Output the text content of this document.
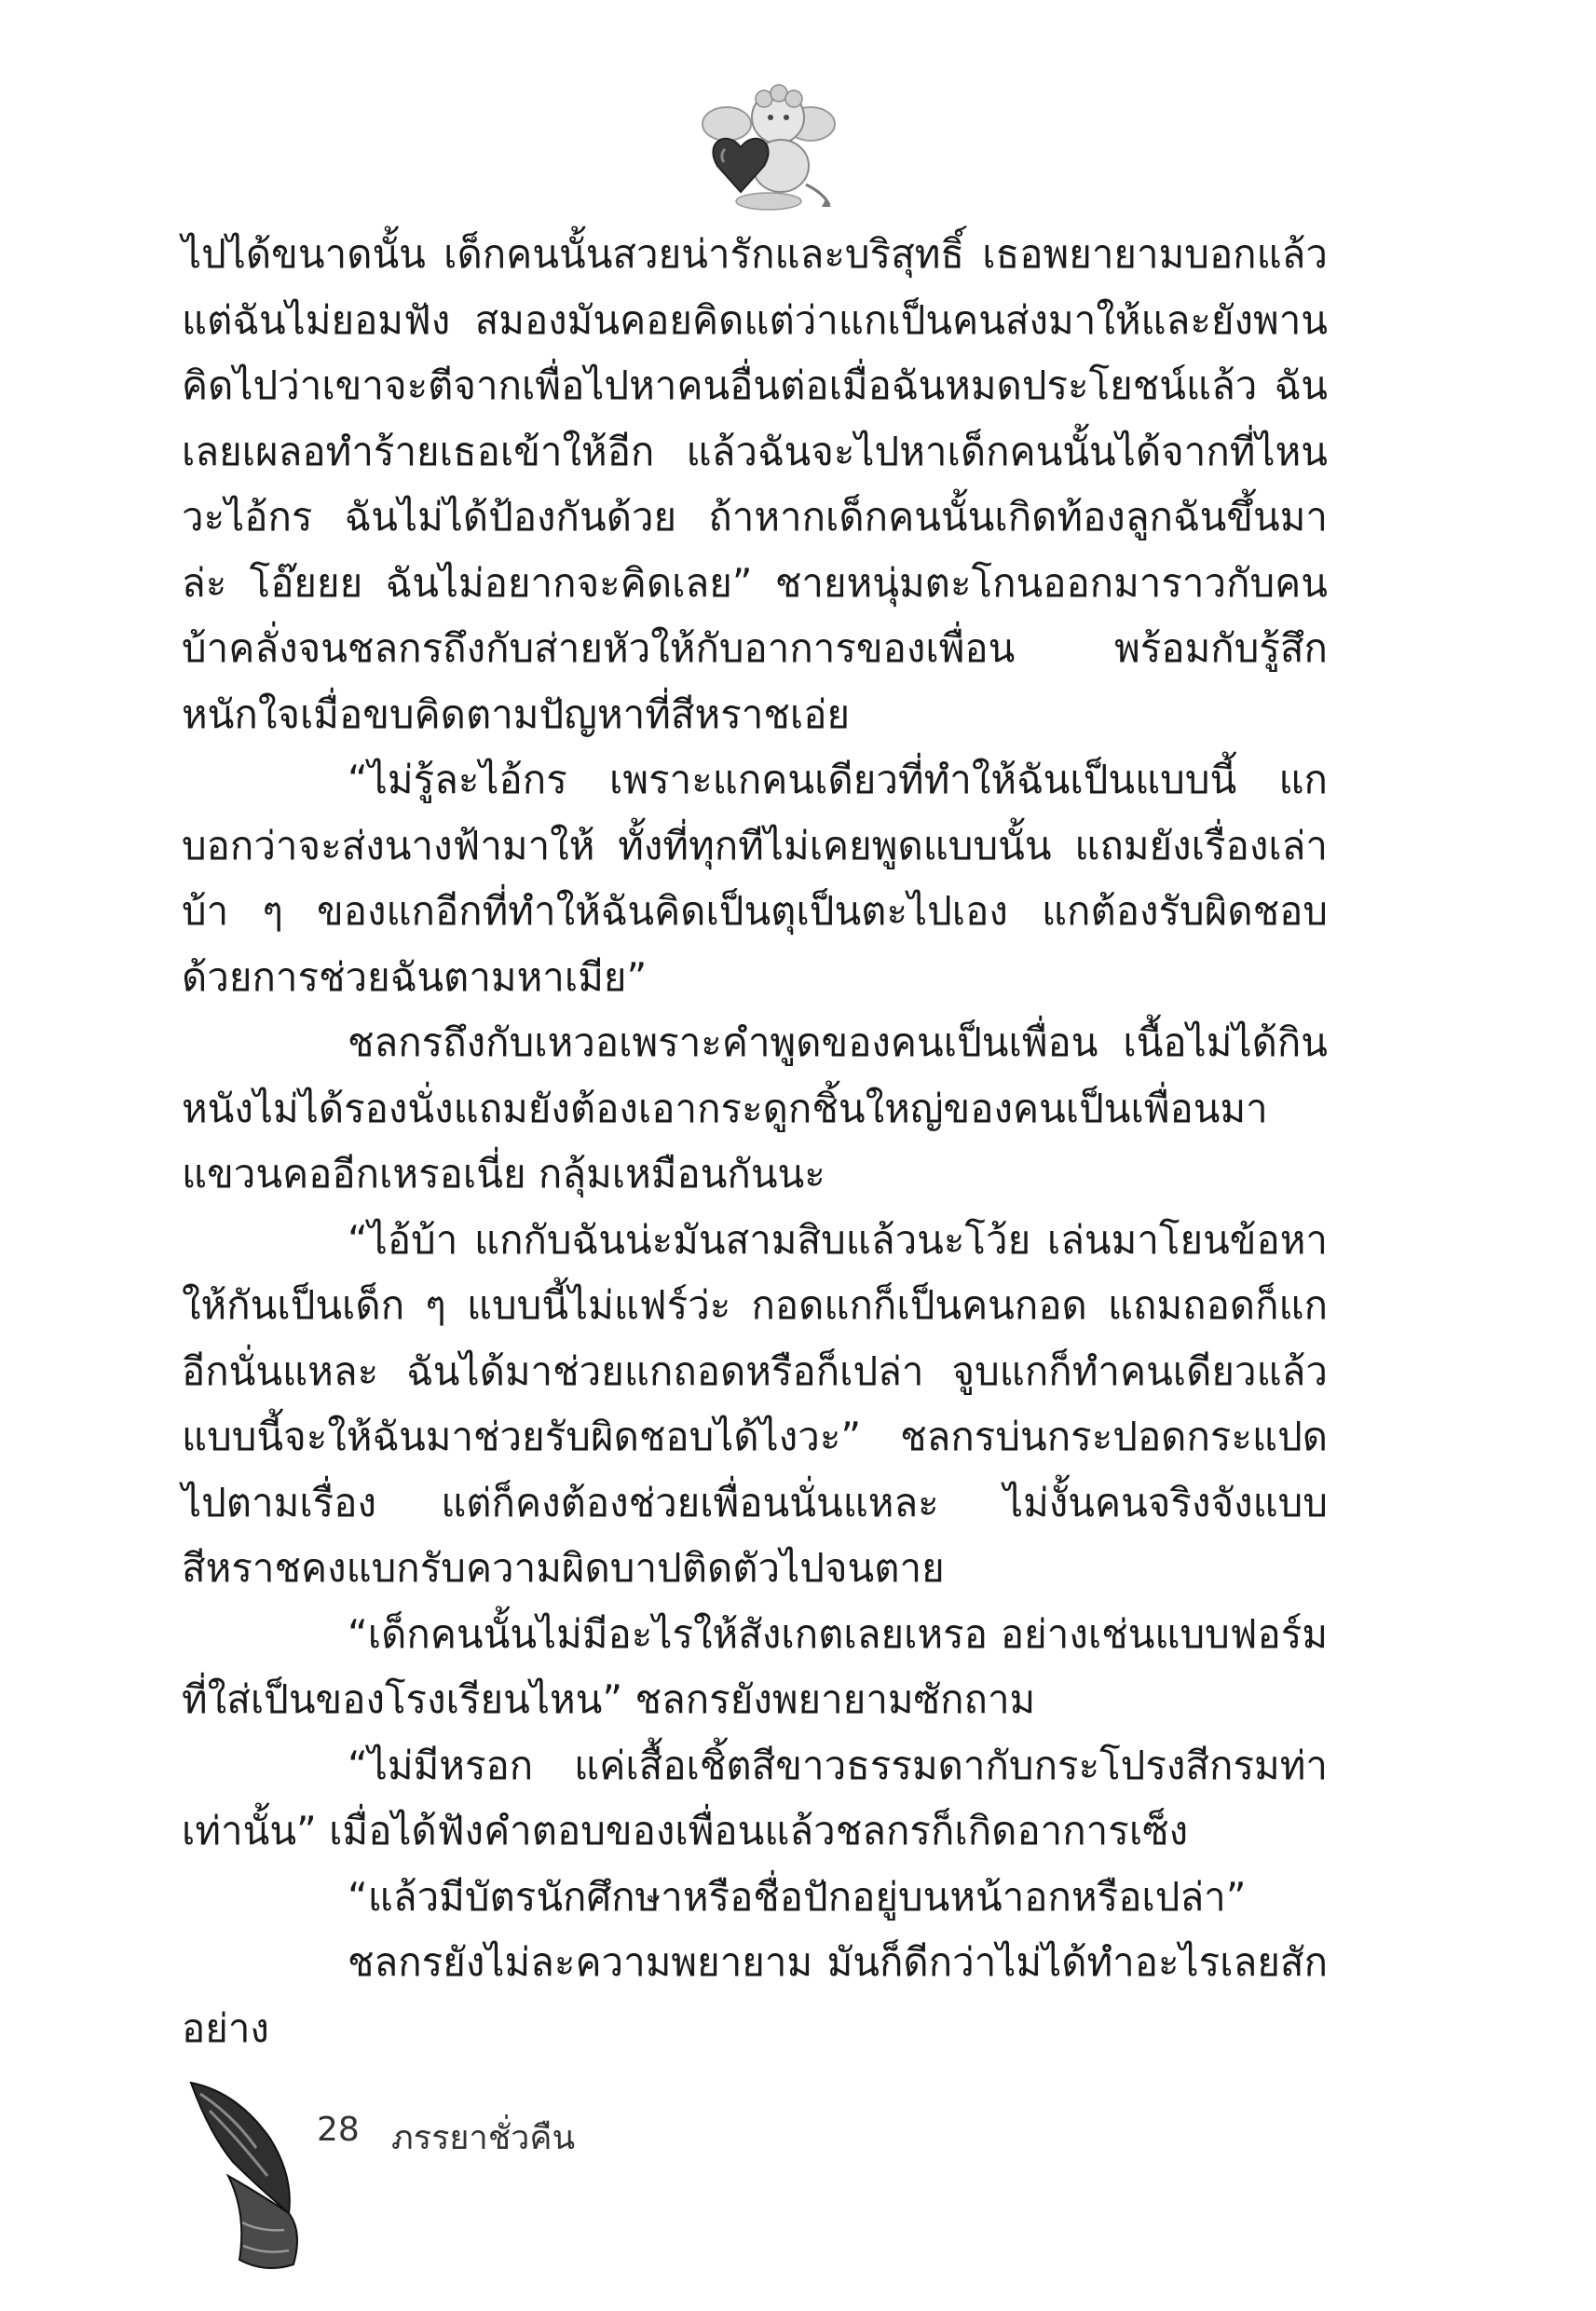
ไปได้ขนาดนั้น เด็กคนนั้นสวยน่ารักและบริสุทธิ์ เธอพยายามบอกแล้ว แต่ฉันไม่ยอมฟัง สมองมันคอยคิดแต่ว่าแกเป็นคนส่งมาให้และยังพานคิดไปว่าเขาจะตีจากเพื่อไปหาคนอื่นต่อเมื่อฉันหมดประโยชน์แล้ว ฉันเลยเผลอทำร้ายเธอเข้าให้อีก แล้วฉันจะไปหาเด็กคนนั้นได้จากที่ไหนวะไอ้กร ฉันไม่ได้ป้องกันด้วย ถ้าหากเด็กคนนั้นเกิดท้องลูกฉันขึ้นมาล่ะ โอ๊ยยย ฉันไม่อยากจะคิดเลย” ชายหนุ่มตะโกนออกมาราวกับคนบ้าคลั่งจนชลกรถึงกับส่ายหัวให้กับอาการของเพื่อน พร้อมกับรู้สึกหนักใจเมื่อขบคิดตามปัญหาที่สีหราชเอ่ย

“ไม่รู้ละไอ้กร เพราะแกคนเดียวที่ทำให้ฉันเป็นแบบนี้ แกบอกว่าจะส่งนางฟ้ามาให้ ทั้งที่ทุกทีไม่เคยพูดแบบนั้น แถมยังเรื่องเล่าบ้า ๆ ของแกอีกที่ทำให้ฉันคิดเป็นตุเป็นตะไปเอง แกต้องรับผิดชอบด้วยการช่วยฉันตามหาเมีย”

ชลกรถึงกับเหวอเพราะคำพูดของคนเป็นเพื่อน เนื้อไม่ได้กินหนังไม่ได้รองนั่งแถมยังต้องเอากระดูกชิ้นใหญ่ของคนเป็นเพื่อนมาแขวนคออีกเหรอเนี่ย กลุ้มเหมือนกันนะ

“ไอ้บ้า แกกับฉันน่ะมันสามสิบแล้วนะโว้ย เล่นมาโยนข้อหาให้กันเป็นเด็ก ๆ แบบนี้ไม่แฟร์ว่ะ กอดแกก็เป็นคนกอด แถมถอดก็แกอีกนั่นแหละ ฉันได้มาช่วยแกถอดหรือก็เปล่า จูบแกก็ทำคนเดียวแล้วแบบนี้จะให้ฉันมาช่วยรับผิดชอบได้ไงวะ” ชลกรบ่นกระปอดกระแปดไปตามเรื่อง แต่ก็คงต้องช่วยเพื่อนนั่นแหละ ไม่งั้นคนจริงจังแบบสีหราชคงแบกรับความผิดบาปติดตัวไปจนตาย

“เด็กคนนั้นไม่มีอะไรให้สังเกตเลยเหรอ อย่างเช่นแบบฟอร์มที่ใส่เป็นของโรงเรียนไหน” ชลกรยังพยายามซักถาม

“ไม่มีหรอก แค่เสื้อเชิ้ตสีขาวธรรมดากับกระโปรงสีกรมท่าเท่านั้น” เมื่อได้ฟังคำตอบของเพื่อนแล้วชลกรก็เกิดอาการเซ็ง

“แล้วมีบัตรนักศึกษาหรือชื่อปักอยู่บนหน้าอกหรือเปล่า”

ชลกรยังไม่ละความพยายาม มันก็ดีกว่าไม่ได้ทำอะไรเลยสักอย่าง

28 ภรรยาชั่วคืน
